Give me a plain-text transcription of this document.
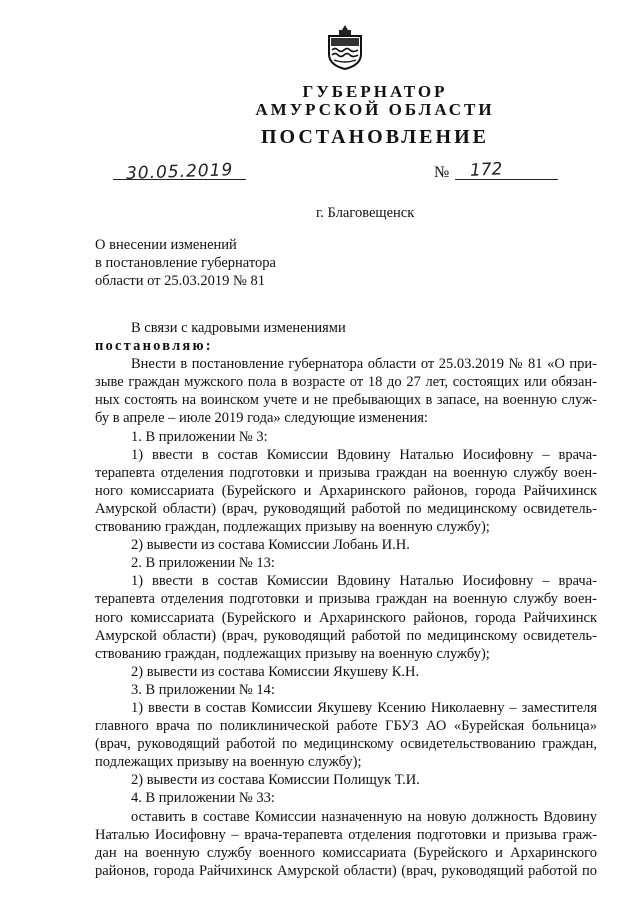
ГУБЕРНАТОР
АМУРСКОЙ ОБЛАСТИ
ПОСТАНОВЛЕНИЕ
30.05.2019	№ 172
г. Благовещенск
О внесении изменений
в постановление губернатора
области от 25.03.2019 № 81

В связи с кадровыми изменениями

постановляю:

Внести в постановление губернатора области от 25.03.2019 № 81 «О при-

зыве граждан мужского пола в возрасте от 18 до 27 лет, состоящих или обязан-

ных состоять на воинском учете и не пребывающих в запасе, на военную служ-

бу в апреле – июле 2019 года» следующие изменения:

1. В приложении № 3:

1) ввести в состав Комиссии Вдовину Наталью Иосифовну – врача-

терапевта отделения подготовки и призыва граждан на военную службу воен-

ного комиссариата (Бурейского и Архаринского районов, города Райчихинск

Амурской области) (врач, руководящий работой по медицинскому освидетель-

ствованию граждан, подлежащих призыву на военную службу);

2) вывести из состава Комиссии Лобань И.Н.

2. В приложении № 13:

1) ввести в состав Комиссии Вдовину Наталью Иосифовну – врача-

терапевта отделения подготовки и призыва граждан на военную службу воен-

ного комиссариата (Бурейского и Архаринского районов, города Райчихинск

Амурской области) (врач, руководящий работой по медицинскому освидетель-

ствованию граждан, подлежащих призыву на военную службу);

2) вывести из состава Комиссии Якушеву К.Н.

3. В приложении № 14:

1) ввести в состав Комиссии Якушеву Ксению Николаевну – заместителя

главного врача по поликлинической работе ГБУЗ АО «Бурейская больница»

(врач, руководящий работой по медицинскому освидетельствованию граждан,

подлежащих призыву на военную службу);

2) вывести из состава Комиссии Полищук Т.И.

4. В приложении № 33:

оставить в составе Комиссии назначенную на новую должность Вдовину

Наталью Иосифовну – врача-терапевта отделения подготовки и призыва граж-

дан на военную службу военного комиссариата (Бурейского и Архаринского

районов, города Райчихинск Амурской области) (врач, руководящий работой по
